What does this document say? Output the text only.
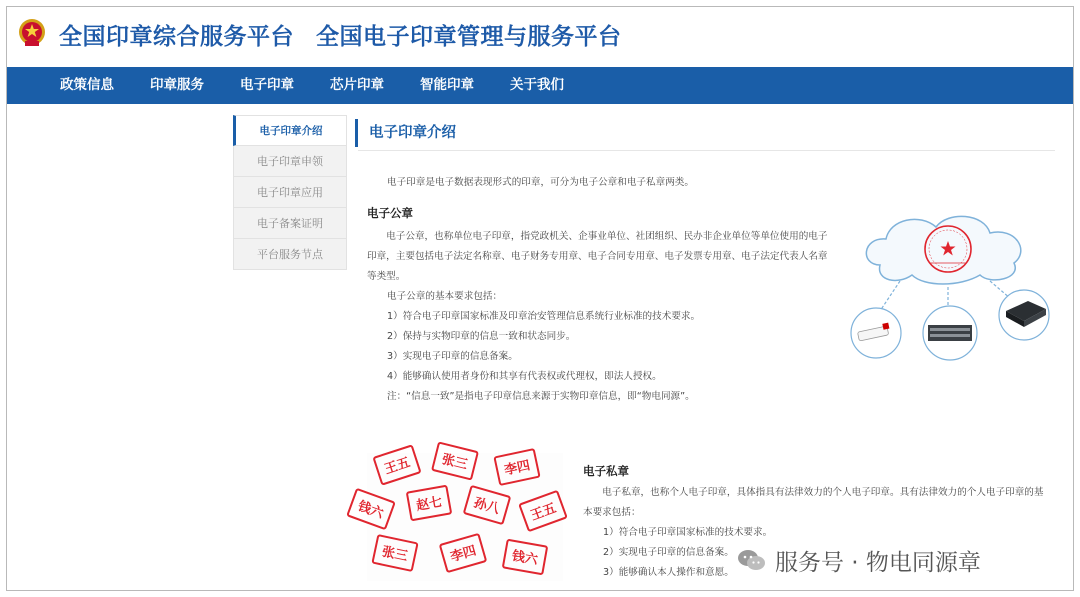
全国印章综合服务平台 全国电子印章管理与服务平台
政策信息	印章服务	电子印章	芯片印章	智能印章	关于我们
电子印章介绍
电子印章申领
电子印章应用
电子备案证明
平台服务节点
电子印章介绍
电子印章是电子数据表现形式的印章，可分为电子公章和电子私章两类。
电子公章
电子公章，也称单位电子印章，指党政机关、企事业单位、社团组织、民办非企业单位等单位使用的电子印章，主要包括电子法定名称章、电子财务专用章、电子合同专用章、电子发票专用章、电子法定代表人名章等类型。
电子公章的基本要求包括：
1）符合电子印章国家标准及印章治安管理信息系统行业标准的技术要求。
2）保持与实物印章的信息一致和状态同步。
3）实现电子印章的信息备案。
4）能够确认使用者身份和其享有代表权或代理权，即法人授权。
注：“信息一致”是指电子印章信息来源于实物印章信息，即“物电同源”。
王五 张三	李四
钱六 赵七 孙八 王五
张三	李四	钱六
电子私章
电子私章，也称个人电子印章，具体指具有法律效力的个人电子印章。具有法律效力的个人电子印章的基本要求包括：
1）符合电子印章国家标准的技术要求。
2）实现电子印章的信息备案。
3）能够确认本人操作和意愿。 服务号 · 物电同源章
